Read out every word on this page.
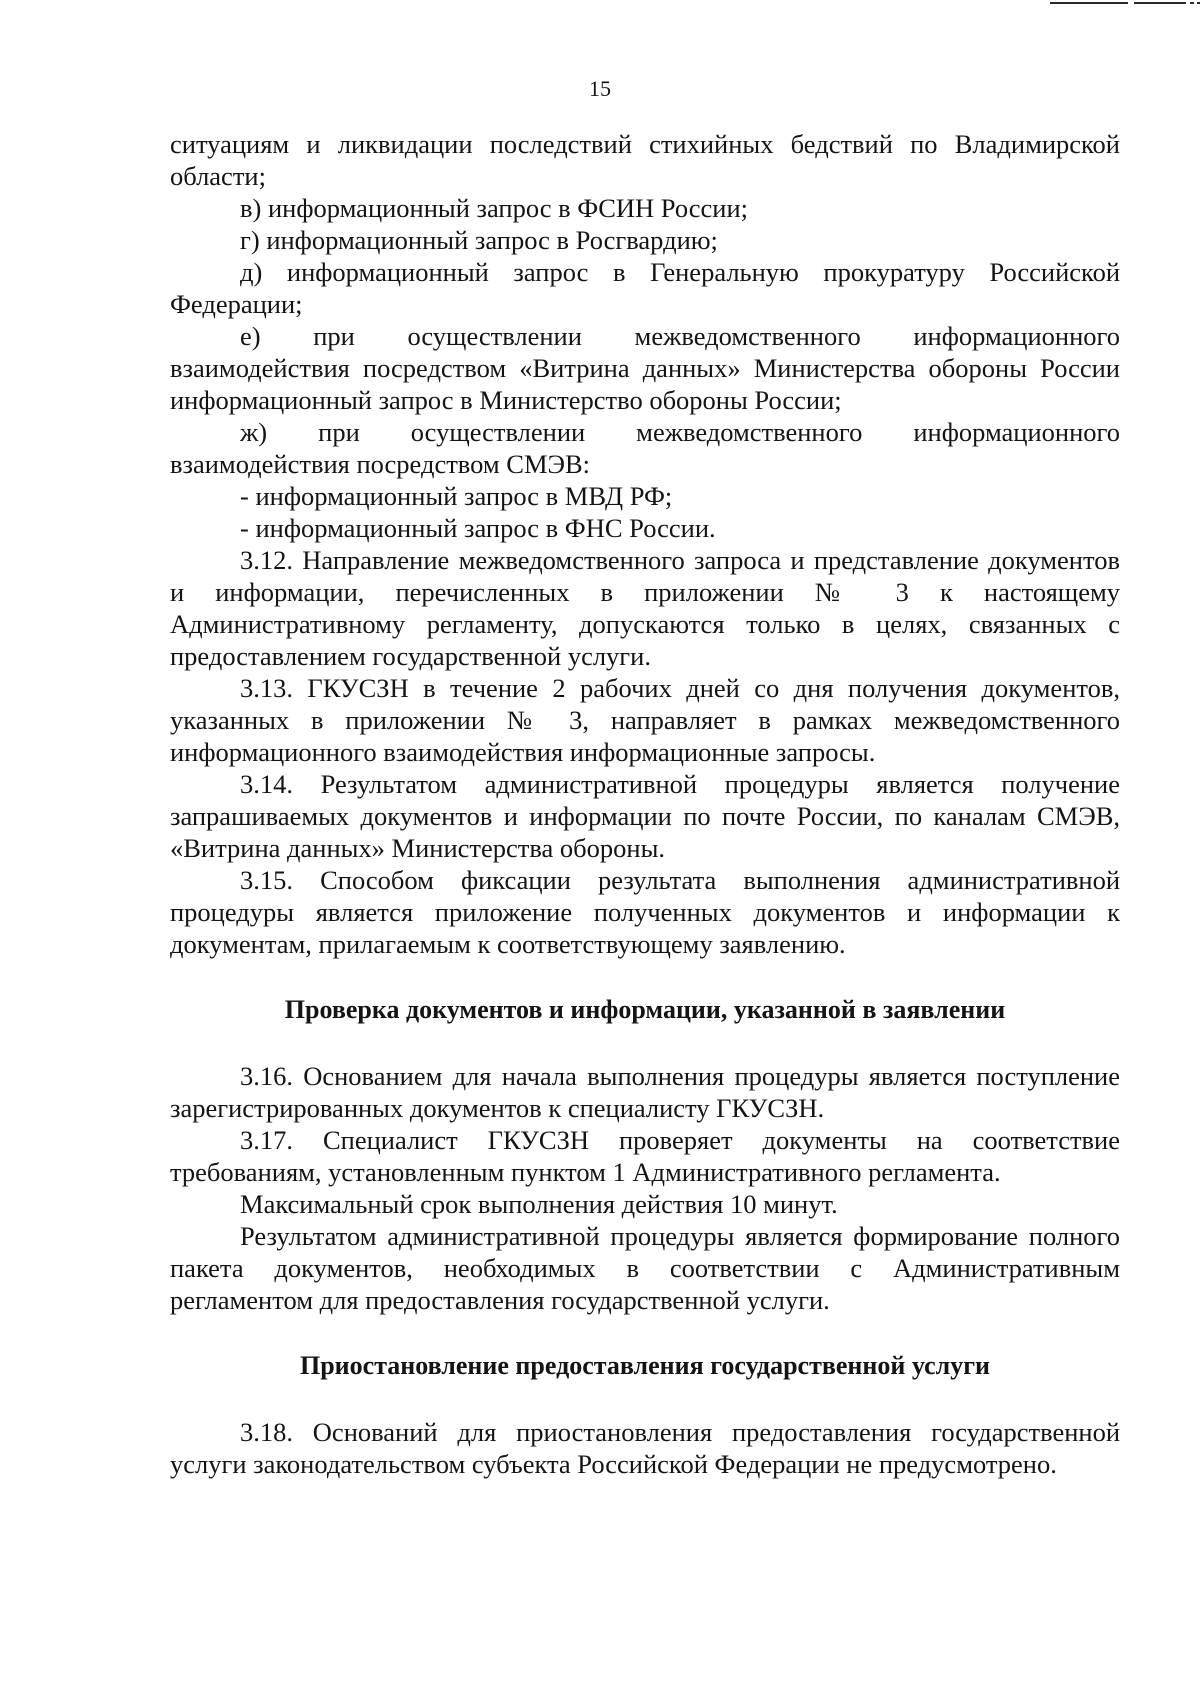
15

ситуациям и ликвидации последствий стихийных бедствий по Владимирской области;

в) информационный запрос в ФСИН России;

г) информационный запрос в Росгвардию;

д) информационный запрос в Генеральную прокуратуру Российской Федерации;

е) при осуществлении межведомственного информационного взаимодействия посредством «Витрина данных» Министерства обороны России информационный запрос в Министерство обороны России;

ж) при осуществлении межведомственного информационного взаимодействия посредством СМЭВ:

- информационный запрос в МВД РФ;

- информационный запрос в ФНС России.

3.12. Направление межведомственного запроса и представление документов и информации, перечисленных в приложении № 3 к настоящему Административному регламенту, допускаются только в целях, связанных с предоставлением государственной услуги.

3.13. ГКУСЗН в течение 2 рабочих дней со дня получения документов, указанных в приложении № 3, направляет в рамках межведомственного информационного взаимодействия информационные запросы.

3.14. Результатом административной процедуры является получение запрашиваемых документов и информации по почте России, по каналам СМЭВ, «Витрина данных» Министерства обороны.

3.15. Способом фиксации результата выполнения административной процедуры является приложение полученных документов и информации к документам, прилагаемым к соответствующему заявлению.

Проверка документов и информации, указанной в заявлении

3.16. Основанием для начала выполнения процедуры является поступление зарегистрированных документов к специалисту ГКУСЗН.

3.17. Специалист ГКУСЗН проверяет документы на соответствие требованиям, установленным пунктом 1 Административного регламента.

Максимальный срок выполнения действия 10 минут.

Результатом административной процедуры является формирование полного пакета документов, необходимых в соответствии с Административным регламентом для предоставления государственной услуги.

Приостановление предоставления государственной услуги

3.18. Оснований для приостановления предоставления государственной услуги законодательством субъекта Российской Федерации не предусмотрено.
